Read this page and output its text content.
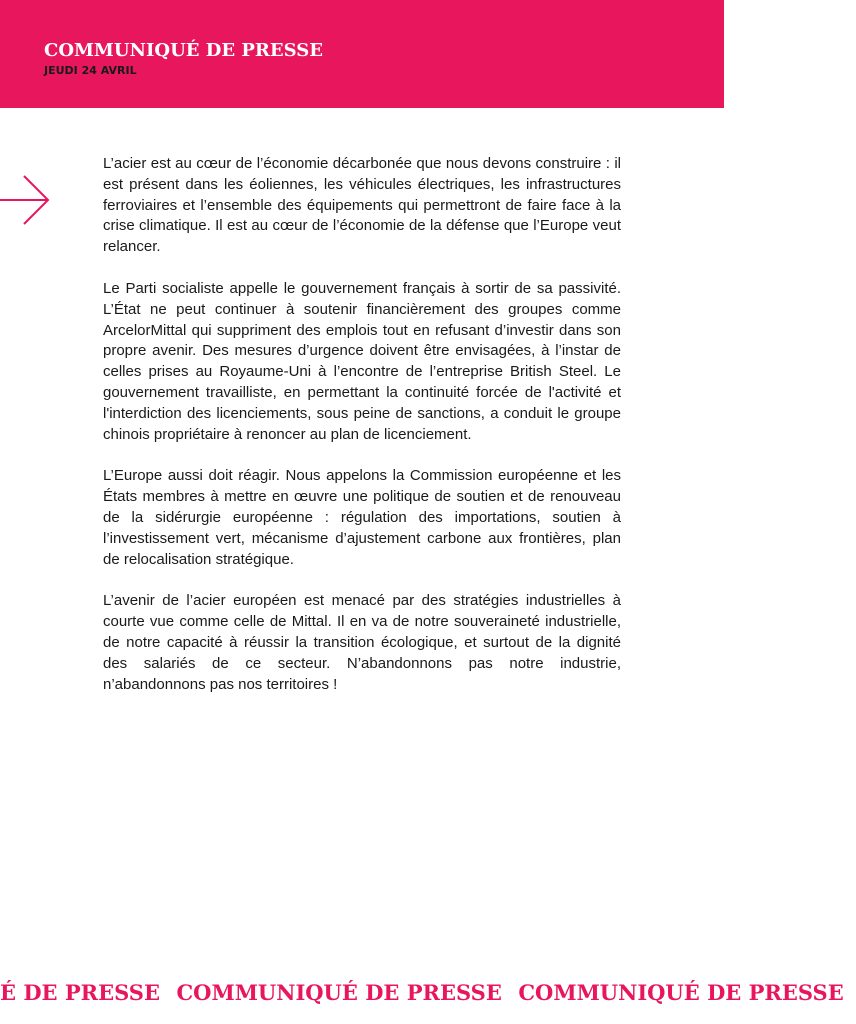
COMMUNIQUÉ DE PRESSE
JEUDI 24 AVRIL

L’acier est au cœur de l’économie décarbonée que nous devons construire : il est présent dans les éoliennes, les véhicules électriques, les infrastructures ferroviaires et l’ensemble des équipements qui permettront de faire face à la crise climatique. Il est au cœur de l’économie de la défense que l’Europe veut relancer.

Le Parti socialiste appelle le gouvernement français à sortir de sa passivité. L’État ne peut continuer à soutenir financièrement des groupes comme ArcelorMittal qui suppriment des emplois tout en refusant d’investir dans son propre avenir. Des mesures d’urgence doivent être envisagées, à l’instar de celles prises au Royaume-Uni à l’encontre de l’entreprise British Steel. Le gouvernement travailliste, en permettant la continuité forcée de l'activité et l'interdiction des licenciements, sous peine de sanctions, a conduit le groupe chinois propriétaire à renoncer au plan de licenciement.

L’Europe aussi doit réagir. Nous appelons la Commission européenne et les États membres à mettre en œuvre une politique de soutien et de renouveau de la sidérurgie européenne : régulation des importations, soutien à l’investissement vert, mécanisme d’ajustement carbone aux frontières, plan de relocalisation stratégique.

L’avenir de l’acier européen est menacé par des stratégies industrielles à courte vue comme celle de Mittal. Il en va de notre souveraineté industrielle, de notre capacité à réussir la transition écologique, et surtout de la dignité des salariés de ce secteur. N’abandonnons pas notre industrie, n’abandonnons pas nos territoires !

É DE PRESSE COMMUNIQUÉ DE PRESSE COMMUNIQUÉ DE PRESSE
